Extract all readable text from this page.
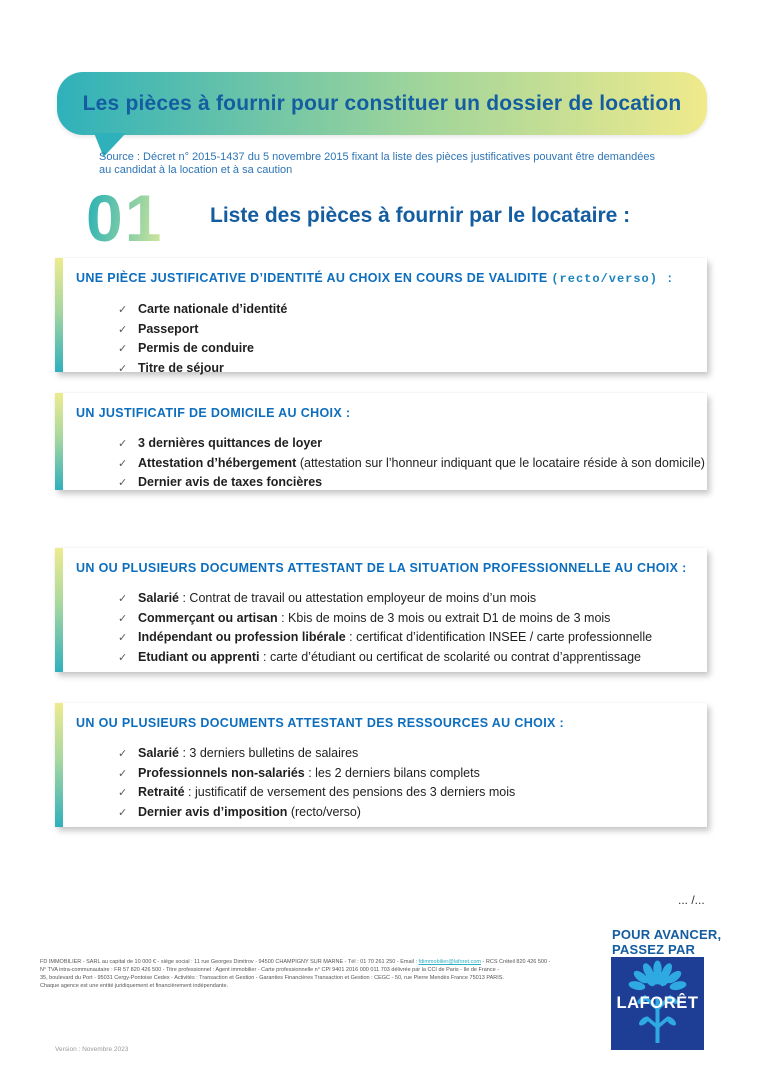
Les pièces à fournir pour constituer un dossier de location
Source : Décret n° 2015-1437 du 5 novembre 2015 fixant la liste des pièces justificatives pouvant être demandées
au candidat à la location et à sa caution
01 Liste des pièces à fournir par le locataire :
UNE PIÈCE JUSTIFICATIVE D’IDENTITÉ AU CHOIX EN COURS DE VALIDITE (recto/verso) :
✓ Carte nationale d’identité
✓ Passeport
✓ Permis de conduire
✓ Titre de séjour
UN JUSTIFICATIF DE DOMICILE AU CHOIX :
✓ 3 dernières quittances de loyer
✓ Attestation d’hébergement (attestation sur l’honneur indiquant que le locataire réside à son domicile)
✓ Dernier avis de taxes foncières
UN OU PLUSIEURS DOCUMENTS ATTESTANT DE LA SITUATION PROFESSIONNELLE AU CHOIX :
✓ Salarié : Contrat de travail ou attestation employeur de moins d’un mois
✓ Commerçant ou artisan : Kbis de moins de 3 mois ou extrait D1 de moins de 3 mois
✓ Indépendant ou profession libérale : certificat d’identification INSEE / carte professionnelle
✓ Etudiant ou apprenti : carte d’étudiant ou certificat de scolarité ou contrat d’apprentissage
UN OU PLUSIEURS DOCUMENTS ATTESTANT DES RESSOURCES AU CHOIX :
✓ Salarié : 3 derniers bulletins de salaires
✓ Professionnels non-salariés : les 2 derniers bilans complets
✓ Retraité : justificatif de versement des pensions des 3 derniers mois
✓ Dernier avis d’imposition (recto/verso)
... /...
POUR AVANCER,
PASSEZ PAR
LAFORÊT
FD IMMOBILIER - SARL au capital de 10 000 € - siège social : 11 rue Georges Dimitrov - 94500 CHAMPIGNY SUR MARNE - Tél : 01 70 261 250 - Email : fdimmobilier@laforet.com - RCS Créteil 820 426 500 -
N° TVA intra-communautaire : FR 57 820 426 500 - Titre professionnel : Agent immobilier - Carte professionnelle n° CPI 9401 2016 000 011 703 délivrée par la CCI de Paris - Ile de France -
35, boulevard du Port - 95031 Cergy-Pontoise Cedex - Activités : Transaction et Gestion - Garanties Financières Transaction et Gestion : CEGC - 50, rue Pierre Mendès France 75013 PARIS.
Chaque agence est une entité juridiquement et financièrement indépendante.
Version : Novembre 2023
